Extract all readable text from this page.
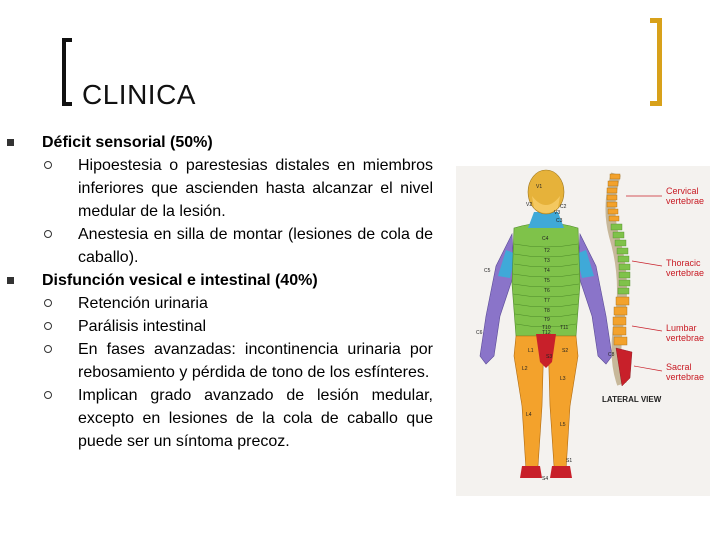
CLINICA
Déficit sensorial (50%)
Hipoestesia o parestesias distales en miembros inferiores que ascienden hasta alcanzar el nivel medular de la lesión.
Anestesia en silla de montar (lesiones de cola de caballo).
Disfunción vesical e intestinal (40%)
Retención urinaria
Parálisis intestinal
En fases avanzadas: incontinencia urinaria por rebosamiento y pérdida de tono de los esfínteres.
Implican grado avanzado de lesión medular, excepto en lesiones de la cola de caballo que puede ser un síntoma precoz.
Cervical
vertebrae
Thoracic
vertebrae
Lumbar
vertebrae
Sacral
vertebrae
LATERAL VIEW
V1
V2
V3
C2
C3
C4
T2
T3
T4
T5
T6
T7
T8
T9
T10 T11
T12
C5
C6
C8
L1
L2
L3
L4
L5
S1
S2
S3
S4
